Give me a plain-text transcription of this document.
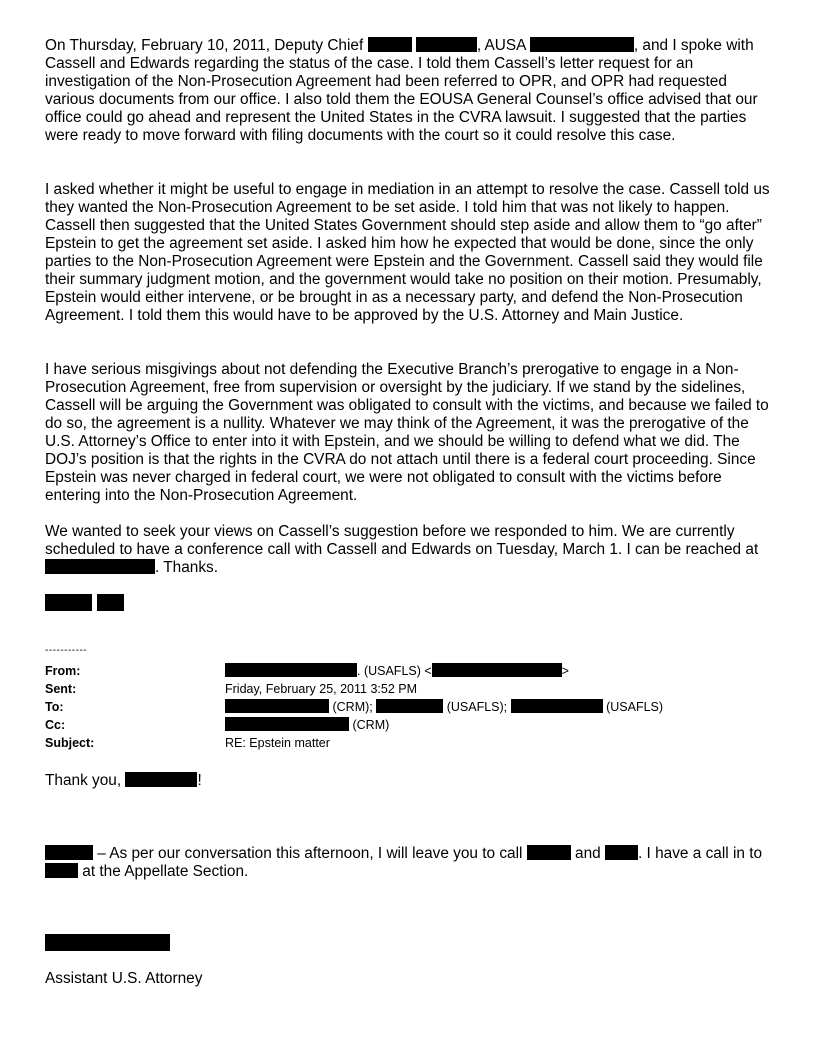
On Thursday, February 10, 2011, Deputy Chief	, AUSA	, and I spoke with Cassell and Edwards regarding the status of the case. I told them Cassell’s letter request for an investigation of the Non-Prosecution Agreement had been referred to OPR, and OPR had requested various documents from our office. I also told them the EOUSA General Counsel’s office advised that our office could go ahead and represent the United States in the CVRA lawsuit. I suggested that the parties were ready to move forward with filing documents with the court so it could resolve this case.

I asked whether it might be useful to engage in mediation in an attempt to resolve the case. Cassell told us they wanted the Non-Prosecution Agreement to be set aside. I told him that was not likely to happen. Cassell then suggested that the United States Government should step aside and allow them to “go after” Epstein to get the agreement set aside. I asked him how he expected that would be done, since the only parties to the Non-Prosecution Agreement were Epstein and the Government. Cassell said they would file their summary judgment motion, and the government would take no position on their motion. Presumably, Epstein would either intervene, or be brought in as a necessary party, and defend the Non-Prosecution Agreement. I told them this would have to be approved by the U.S. Attorney and Main Justice.

I have serious misgivings about not defending the Executive Branch’s prerogative to engage in a Non-Prosecution Agreement, free from supervision or oversight by the judiciary. If we stand by the sidelines, Cassell will be arguing the Government was obligated to consult with the victims, and because we failed to do so, the agreement is a nullity. Whatever we may think of the Agreement, it was the prerogative of the U.S. Attorney’s Office to enter into it with Epstein, and we should be willing to defend what we did. The DOJ’s position is that the rights in the CVRA do not attach until there is a federal court proceeding. Since Epstein was never charged in federal court, we were not obligated to consult with the victims before entering into the Non-Prosecution Agreement.

We wanted to seek your views on Cassell’s suggestion before we responded to him. We are currently scheduled to have a conference call with Cassell and Edwards on Tuesday, March 1. I can be reached at . Thanks.

-----------
From:	. (USAFLS) <	>
Sent:	Friday, February 25, 2011 3:52 PM
To:	(CRM);	(USAFLS);	(USAFLS)
Cc:	(CRM)
Subject:	RE: Epstein matter

Thank you,	!

– As per our conversation this afternoon, I will leave you to call	and . I have a call in to  at the Appellate Section.

Assistant U.S. Attorney
